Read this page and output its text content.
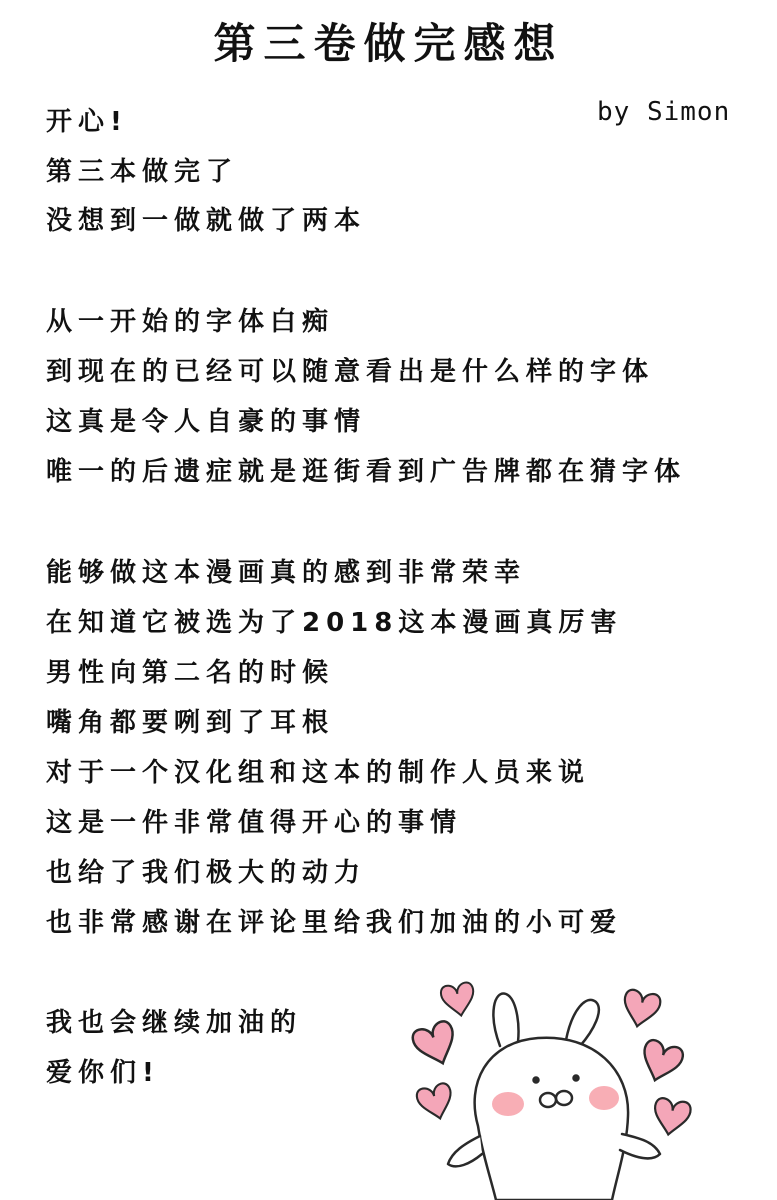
第三卷做完感想
by Simon
开心!
第三本做完了
没想到一做就做了两本
从一开始的字体白痴
到现在的已经可以随意看出是什么样的字体
这真是令人自豪的事情
唯一的后遗症就是逛街看到广告牌都在猜字体
能够做这本漫画真的感到非常荣幸
在知道它被选为了2018这本漫画真厉害
男性向第二名的时候
嘴角都要咧到了耳根
对于一个汉化组和这本的制作人员来说
这是一件非常值得开心的事情
也给了我们极大的动力
也非常感谢在评论里给我们加油的小可爱
我也会继续加油的
爱你们!
